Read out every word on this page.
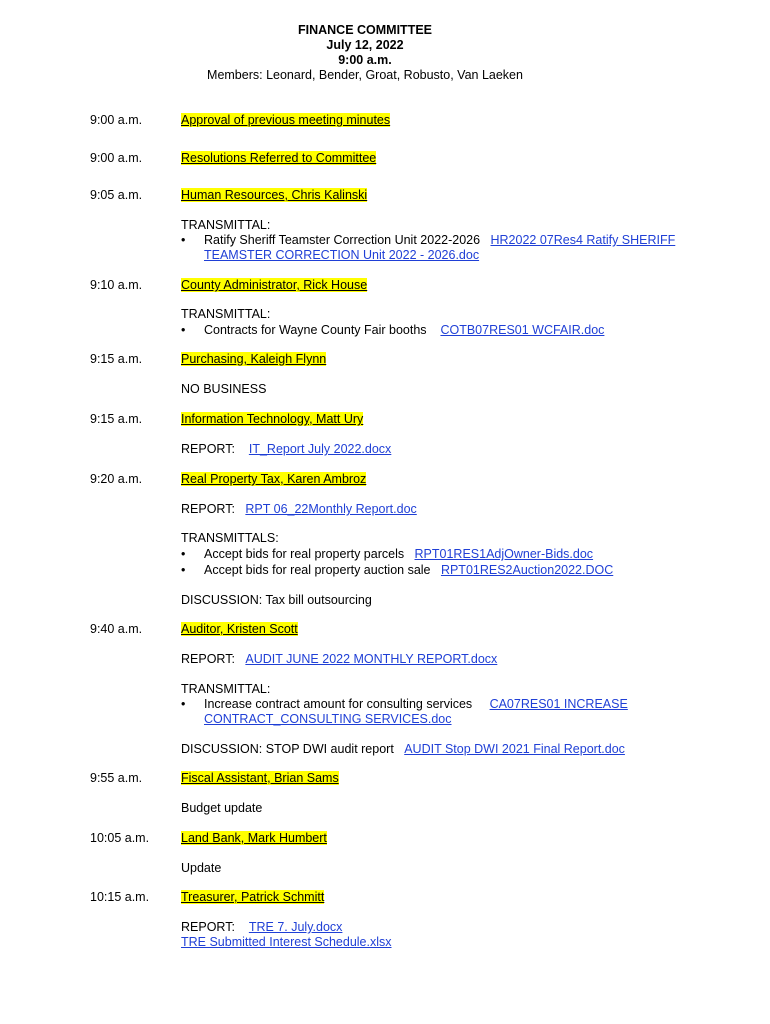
FINANCE COMMITTEE
July 12, 2022
9:00 a.m.
Members: Leonard, Bender, Groat, Robusto, Van Laeken
9:00 a.m.	Approval of previous meeting minutes
9:00 a.m.	Resolutions Referred to Committee
9:05 a.m.	Human Resources, Chris Kalinski
TRANSMITTAL:
• Ratify Sheriff Teamster Correction Unit 2022-2026 HR2022 07Res4 Ratify SHERIFF
TEAMSTER CORRECTION Unit 2022 - 2026.doc
9:10 a.m.	County Administrator, Rick House
TRANSMITTAL:
• Contracts for Wayne County Fair booths COTB07RES01 WCFAIR.doc
9:15 a.m.	Purchasing, Kaleigh Flynn
NO BUSINESS
9:15 a.m.	Information Technology, Matt Ury
REPORT: IT_Report July 2022.docx
9:20 a.m.	Real Property Tax, Karen Ambroz
REPORT: RPT 06_22Monthly Report.doc
TRANSMITTALS:
• Accept bids for real property parcels RPT01RES1AdjOwner-Bids.doc
• Accept bids for real property auction sale RPT01RES2Auction2022.DOC
DISCUSSION: Tax bill outsourcing
9:40 a.m.	Auditor, Kristen Scott
REPORT: AUDIT JUNE 2022 MONTHLY REPORT.docx
TRANSMITTAL:
• Increase contract amount for consulting services CA07RES01 INCREASE
CONTRACT_CONSULTING SERVICES.doc
DISCUSSION: STOP DWI audit report AUDIT Stop DWI 2021 Final Report.doc
9:55 a.m.	Fiscal Assistant, Brian Sams
Budget update
10:05 a.m.	Land Bank, Mark Humbert
Update
10:15 a.m.	Treasurer, Patrick Schmitt
REPORT: TRE 7. July.docx
TRE Submitted Interest Schedule.xlsx
